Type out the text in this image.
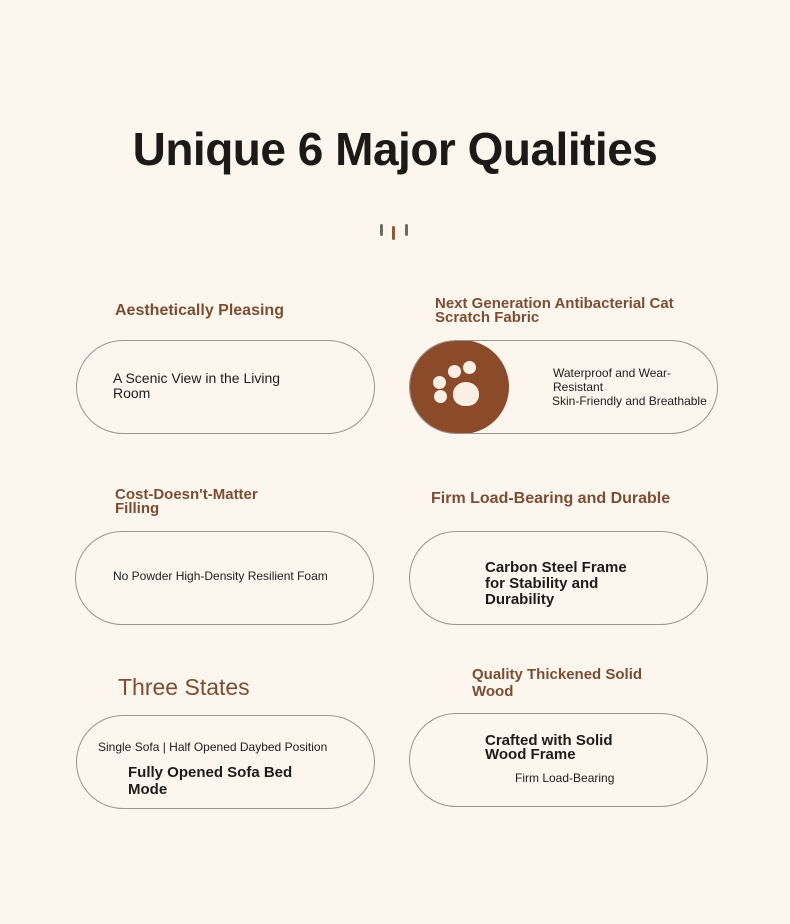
Unique 6 Major Qualities
Aesthetically Pleasing
A Scenic View in the Living Room
Next Generation Antibacterial Cat Scratch Fabric
Waterproof and Wear-Resistant
Skin-Friendly and Breathable
Cost-Doesn't-Matter Filling
No Powder High-Density Resilient Foam
Firm Load-Bearing and Durable
Carbon Steel Frame for Stability and Durability
Three States
Single Sofa | Half Opened Daybed Position
Fully Opened Sofa Bed Mode
Quality Thickened Solid Wood
Crafted with Solid Wood Frame
Firm Load-Bearing
